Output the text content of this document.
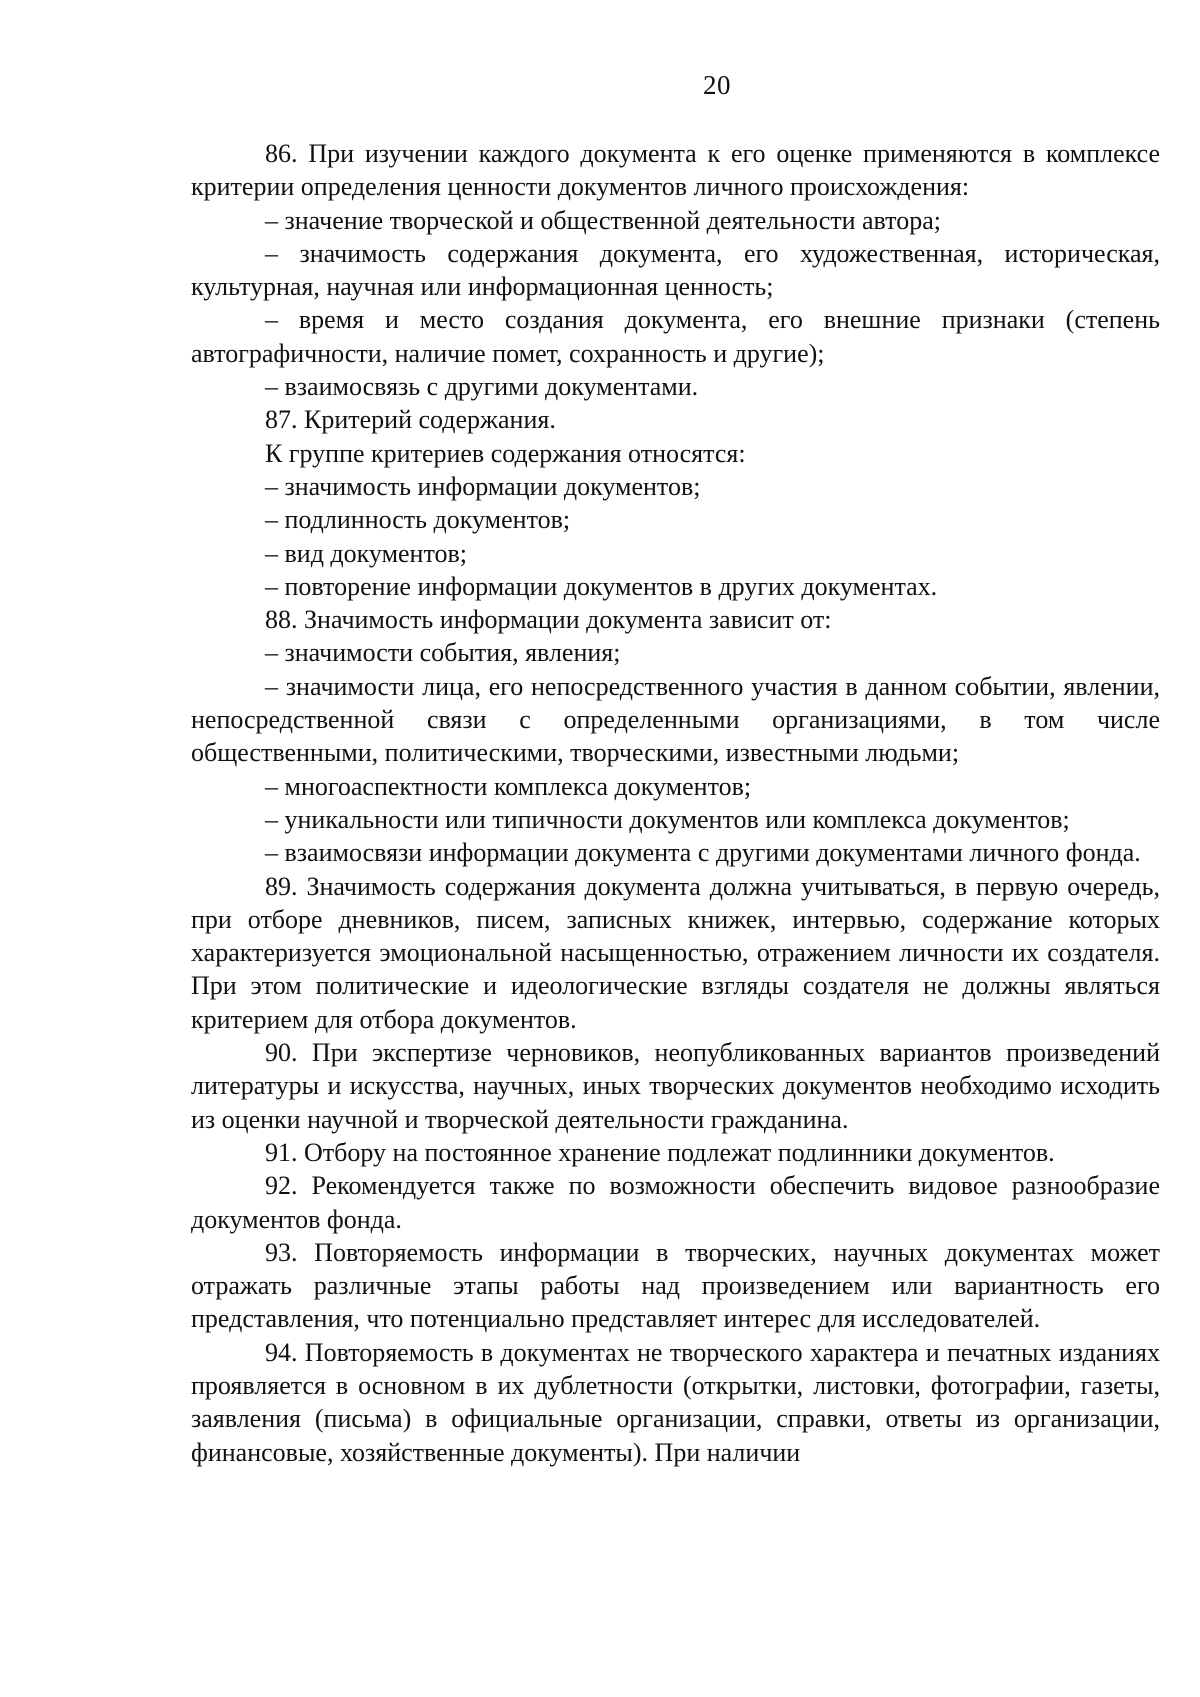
20

86. При изучении каждого документа к его оценке применяются в комплексе критерии определения ценности документов личного происхождения:

– значение творческой и общественной деятельности автора;

– значимость содержания документа, его художественная, историческая, культурная, научная или информационная ценность;

– время и место создания документа, его внешние признаки (степень автографичности, наличие помет, сохранность и другие);

– взаимосвязь с другими документами.

87. Критерий содержания.

К группе критериев содержания относятся:

– значимость информации документов;

– подлинность документов;

– вид документов;

– повторение информации документов в других документах.

88. Значимость информации документа зависит от:

– значимости события, явления;

– значимости лица, его непосредственного участия в данном событии, явлении, непосредственной связи с определенными организациями, в том числе общественными, политическими, творческими, известными людьми;

– многоаспектности комплекса документов;

– уникальности или типичности документов или комплекса документов;

– взаимосвязи информации документа с другими документами личного фонда.

89. Значимость содержания документа должна учитываться, в первую очередь, при отборе дневников, писем, записных книжек, интервью, содержание которых характеризуется эмоциональной насыщенностью, отражением личности их создателя. При этом политические и идеологические взгляды создателя не должны являться критерием для отбора документов.

90. При экспертизе черновиков, неопубликованных вариантов произведений литературы и искусства, научных, иных творческих документов необходимо исходить из оценки научной и творческой деятельности гражданина.

91. Отбору на постоянное хранение подлежат подлинники документов.

92. Рекомендуется также по возможности обеспечить видовое разнообразие документов фонда.

93. Повторяемость информации в творческих, научных документах может отражать различные этапы работы над произведением или вариантность его представления, что потенциально представляет интерес для исследователей.

94. Повторяемость в документах не творческого характера и печатных изданиях проявляется в основном в их дублетности (открытки, листовки, фотографии, газеты, заявления (письма) в официальные организации, справки, ответы из организации, финансовые, хозяйственные документы). При наличии
